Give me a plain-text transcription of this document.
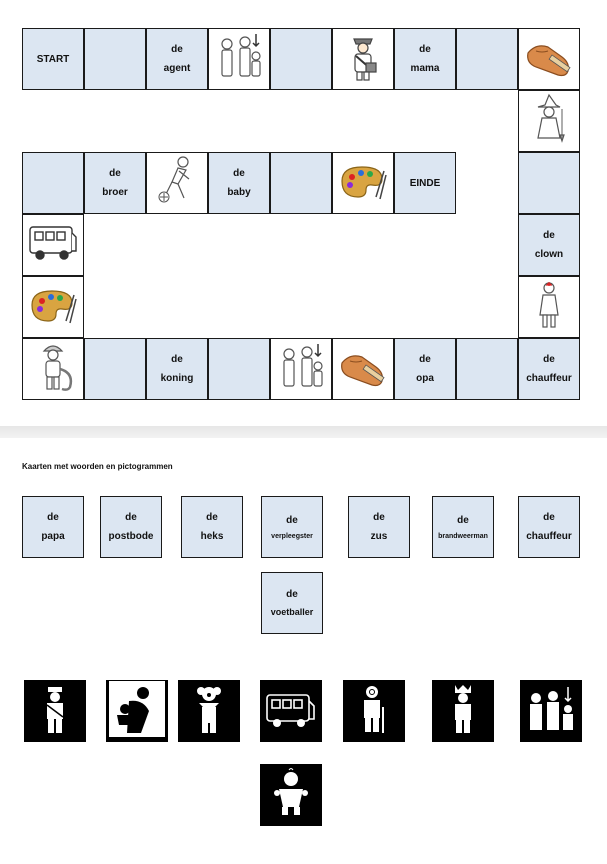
START
de
agent
de
mama
de
clown
de
chauffeur
de
opa
de
koning
de
broer
de
baby
EINDE
Kaarten met woorden en pictogrammen
de
papa
de
postbode
de
heks
de
verpleegster
de
zus
de
brandweerman
de
chauffeur
de
voetballer
